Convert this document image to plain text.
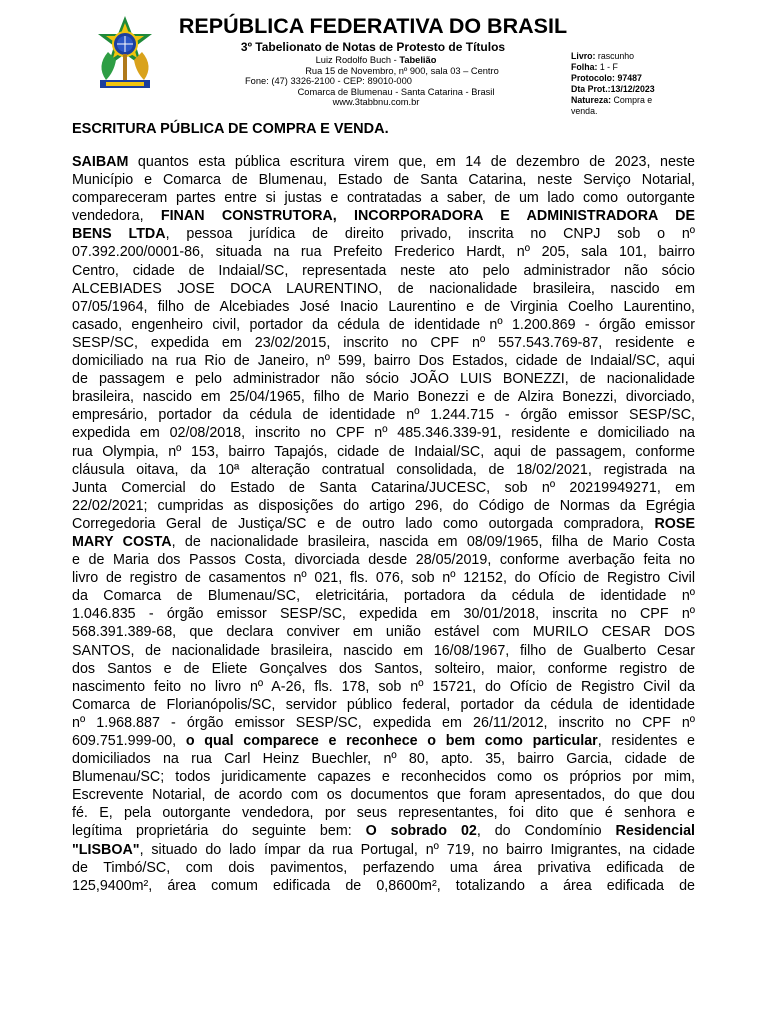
REPÚBLICA FEDERATIVA DO BRASIL
3º Tabelionato de Notas de Protesto de Títulos
Luiz Rodolfo Buch - Tabelião
Rua 15 de Novembro, nº 900, sala 03 – Centro
Fone: (47) 3326-2100 - CEP: 89010-000
Comarca de Blumenau - Santa Catarina - Brasil
www.3tabbnu.com.br
Livro: rascunho
Folha: 1 - F
Protocolo: 97487
Dta Prot.:13/12/2023
Natureza: Compra e
venda.
ESCRITURA PÚBLICA DE COMPRA E VENDA.
SAIBAM quantos esta pública escritura virem que, em 14 de dezembro de 2023, neste
Município e Comarca de Blumenau, Estado de Santa Catarina, neste Serviço Notarial,
compareceram partes entre si justas e contratadas a saber, de um lado como outorgante
vendedora, FINAN CONSTRUTORA, INCORPORADORA E ADMINISTRADORA DE
BENS LTDA, pessoa jurídica de direito privado, inscrita no CNPJ sob o nº
07.392.200/0001-86, situada na rua Prefeito Frederico Hardt, nº 205, sala 101, bairro
Centro, cidade de Indaial/SC, representada neste ato pelo administrador não sócio
ALCEBIADES JOSE DOCA LAURENTINO, de nacionalidade brasileira, nascido em
07/05/1964, filho de Alcebiades José Inacio Laurentino e de Virginia Coelho Laurentino,
casado, engenheiro civil, portador da cédula de identidade nº 1.200.869 - órgão emissor
SESP/SC, expedida em 23/02/2015, inscrito no CPF nº 557.543.769-87, residente e
domiciliado na rua Rio de Janeiro, nº 599, bairro Dos Estados, cidade de Indaial/SC, aqui
de passagem e pelo administrador não sócio JOÃO LUIS BONEZZI, de nacionalidade
brasileira, nascido em 25/04/1965, filho de Mario Bonezzi e de Alzira Bonezzi, divorciado,
empresário, portador da cédula de identidade nº 1.244.715 - órgão emissor SESP/SC,
expedida em 02/08/2018, inscrito no CPF nº 485.346.339-91, residente e domiciliado na
rua Olympia, nº 153, bairro Tapajós, cidade de Indaial/SC, aqui de passagem, conforme
cláusula oitava, da 10ª alteração contratual consolidada, de 18/02/2021, registrada na
Junta Comercial do Estado de Santa Catarina/JUCESC, sob nº 20219949271, em
22/02/2021; cumpridas as disposições do artigo 296, do Código de Normas da Egrégia
Corregedoria Geral de Justiça/SC e de outro lado como outorgada compradora, ROSE
MARY COSTA, de nacionalidade brasileira, nascida em 08/09/1965, filha de Mario Costa
e de Maria dos Passos Costa, divorciada desde 28/05/2019, conforme averbação feita no
livro de registro de casamentos nº 021, fls. 076, sob nº 12152, do Ofício de Registro Civil
da Comarca de Blumenau/SC, eletricitária, portadora da cédula de identidade nº
1.046.835 - órgão emissor SESP/SC, expedida em 30/01/2018, inscrita no CPF nº
568.391.389-68, que declara conviver em união estável com MURILO CESAR DOS
SANTOS, de nacionalidade brasileira, nascido em 16/08/1967, filho de Gualberto Cesar
dos Santos e de Eliete Gonçalves dos Santos, solteiro, maior, conforme registro de
nascimento feito no livro nº A-26, fls. 178, sob nº 15721, do Ofício de Registro Civil da
Comarca de Florianópolis/SC, servidor público federal, portador da cédula de identidade
nº 1.968.887 - órgão emissor SESP/SC, expedida em 26/11/2012, inscrito no CPF nº
609.751.999-00, o qual comparece e reconhece o bem como particular, residentes e
domiciliados na rua Carl Heinz Buechler, nº 80, apto. 35, bairro Garcia, cidade de
Blumenau/SC; todos juridicamente capazes e reconhecidos como os próprios por mim,
Escrevente Notarial, de acordo com os documentos que foram apresentados, do que dou
fé. E, pela outorgante vendedora, por seus representantes, foi dito que é senhora e
legítima proprietária do seguinte bem: O sobrado 02, do Condomínio Residencial
"LISBOA", situado do lado ímpar da rua Portugal, nº 719, no bairro Imigrantes, na cidade
de Timbó/SC, com dois pavimentos, perfazendo uma área privativa edificada de
125,9400m², área comum edificada de 0,8600m², totalizando a área edificada de
